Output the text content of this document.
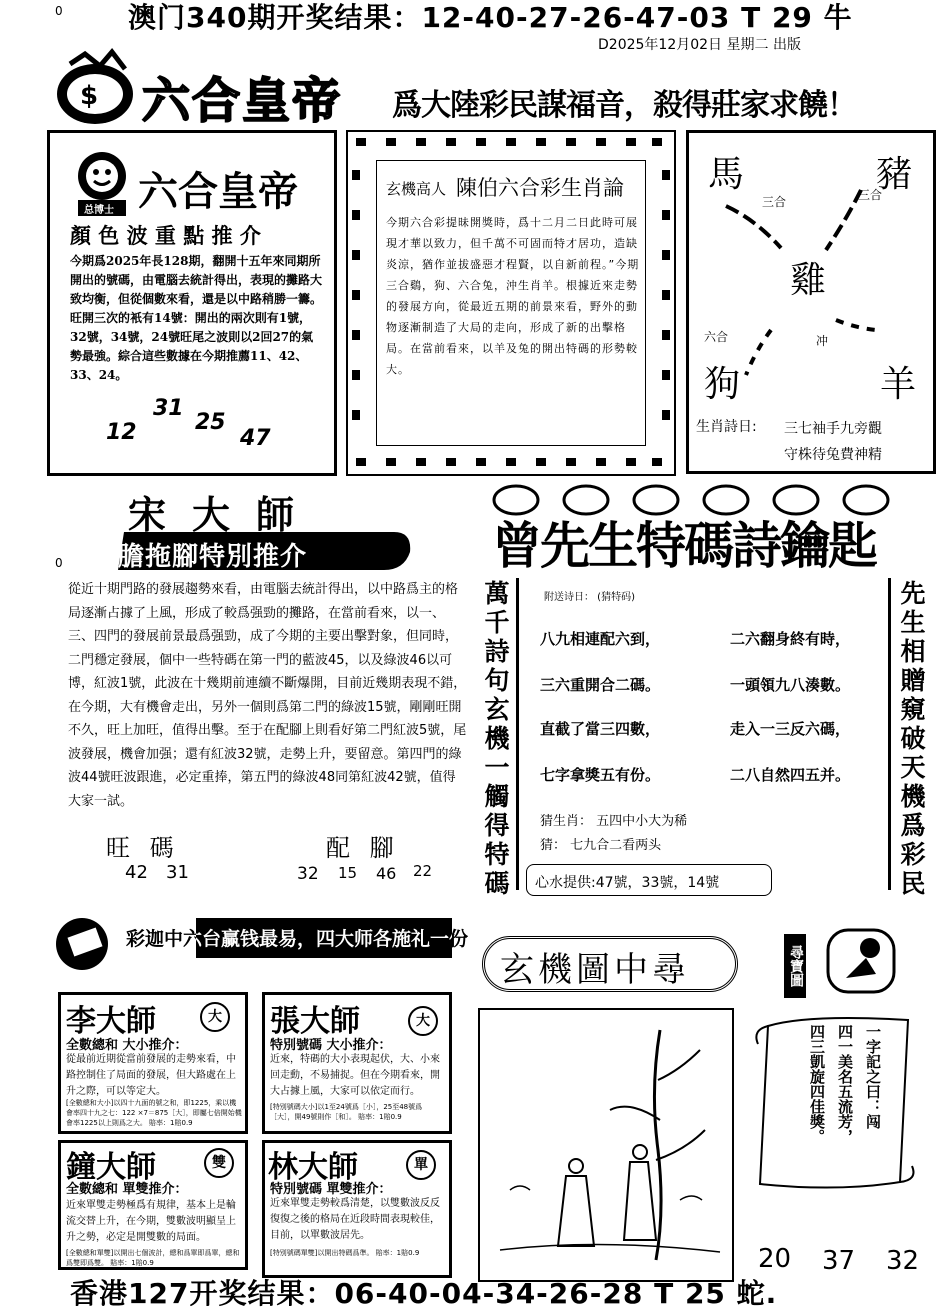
0 澳门340期开奖结果：12-40-27-26-47-03 T 29 牛
D2025年12月02日 星期二 出版
$ 六合皇帝 爲大陸彩民謀福音，殺得莊家求饒！
总博士 六合皇帝
顏 色 波 重 點 推 介
今期爲2025年長128期，翻開十五年來同期所開出的號碼，由電腦去統計得出，表現的攤路大致均衡，但從個數來看，還是以中路稍勝一籌。旺開三次的衹有14號：開出的兩次則有1號，32號，34號，24號旺尾之波則以2回27的氣勢最強。綜合這些數據在今期推薦11、42、33、24。
12
31
25
47
玄機高人 陳伯六合彩生肖論
今期六合彩提昧開獎時，爲十二月二日此時可展現才華以致力，但千萬不可固而特才居功，造缺炎涼，猶作並拔盛惡才程賢，以自新前程。”今期三合鷄，狗、六合兔，沖生肖羊。根據近來走勢的發展方向，從最近五期的前景來看，野外的動物逐漸制造了大局的走向，形成了新的出擊格局。在當前看來，以羊及兔的開出特碼的形勢較大。
馬	豬
雞
狗	羊
三合	三合
六合	冲
生肖詩日: 三七袖手九旁觀
守株待兔費神精
宋大師
膽拖腳特別推介
0
從近十期門路的發展趨勢來看，由電腦去統計得出，以中路爲主的格局逐漸占據了上風，形成了較爲强勁的攤路，在當前看來，以一、三、四門的發展前景最爲强勁，成了今期的主要出擊對象，但同時，二門穩定發展，個中一些特碼在第一門的藍波45，以及綠波46以可博，紅波1號，此波在十幾期前連續不斷爆開，目前近幾期表現不錯，在今期，大有機會走出，另外一個則爲第二門的綠波15號，剛剛旺開不久，旺上加旺，值得出擊。至于在配腳上則看好第二門紅波5號，尾波發展，機會加强；還有紅波32號，走勢上升，要留意。第四門的綠波44號旺波跟進，必定重捧，第五門的綠波48同第紅波42號，值得大家一試。
旺 碼	配 腳
42 31	32 15 46 22
曾先生特碼詩鑰匙
萬千詩句玄機一觸得特碼	先生相贈窺破天機爲彩民
附送诗日： (猜特码)
八九相連配六到，	二六翻身終有時，
三六重開合二碼。	一頭領九八湊數。
直截了當三四數，	走入一三反六碼，
七字拿獎五有份。	二八自然四五并。
猜生肖： 五四中小大为稀
猜： 七九合二看两头
心水提供:47號，33號，14號
彩迦中六台赢钱最易，四大师各施礼一份
李大師	大
全數總和 大小推介：
從最前近期從當前發展的走勢來看，中路控制住了局面的發展，但大路處在上升之際，可以等定大。
[全數總和大小]以四十九面的號之和，即1225，乘以機會率四十九之七：122 ×7＝875［大］，即屬七倍開始機會率1225以上則爲之大。 賠率：1賠0.9
張大師	大
特別號碼 大小推介：
近來，特碼的大小表現起伏，大、小來回走動，不易捕捉。但在今期看來，開大占據上風，大家可以依定而行。
[特別號碼大小]以1至24號爲［小］，25至48號爲［大］，開49號則作［和］。 賠率：1賠0.9
鐘大師	雙
全數總和 單雙推介：
近來單雙走勢極爲有規律，基本上是輪流交替上升，在今期，雙數波明顯呈上升之勢，必定是開雙數的局面。
[全數總和單雙]以開出七個波計，總和爲單即爲單，總和爲雙即爲雙。 賠率：1賠0.9
林大師	單
特別號碼 單雙推介：
近來單雙走勢較爲清楚，以雙數波反反復復之後的格局在近段時間表現較佳，目前，以單數波居先。
[特別號碼單雙]以開出特碼爲準。 賠率：1賠0.9
玄機圖中尋	尋寶圖
一字記之曰：闯
四一美名五流芳，
四三凱旋四佳獎。
20 37 32
香港127开奖结果：06-40-04-34-26-28 T 25 蛇.
